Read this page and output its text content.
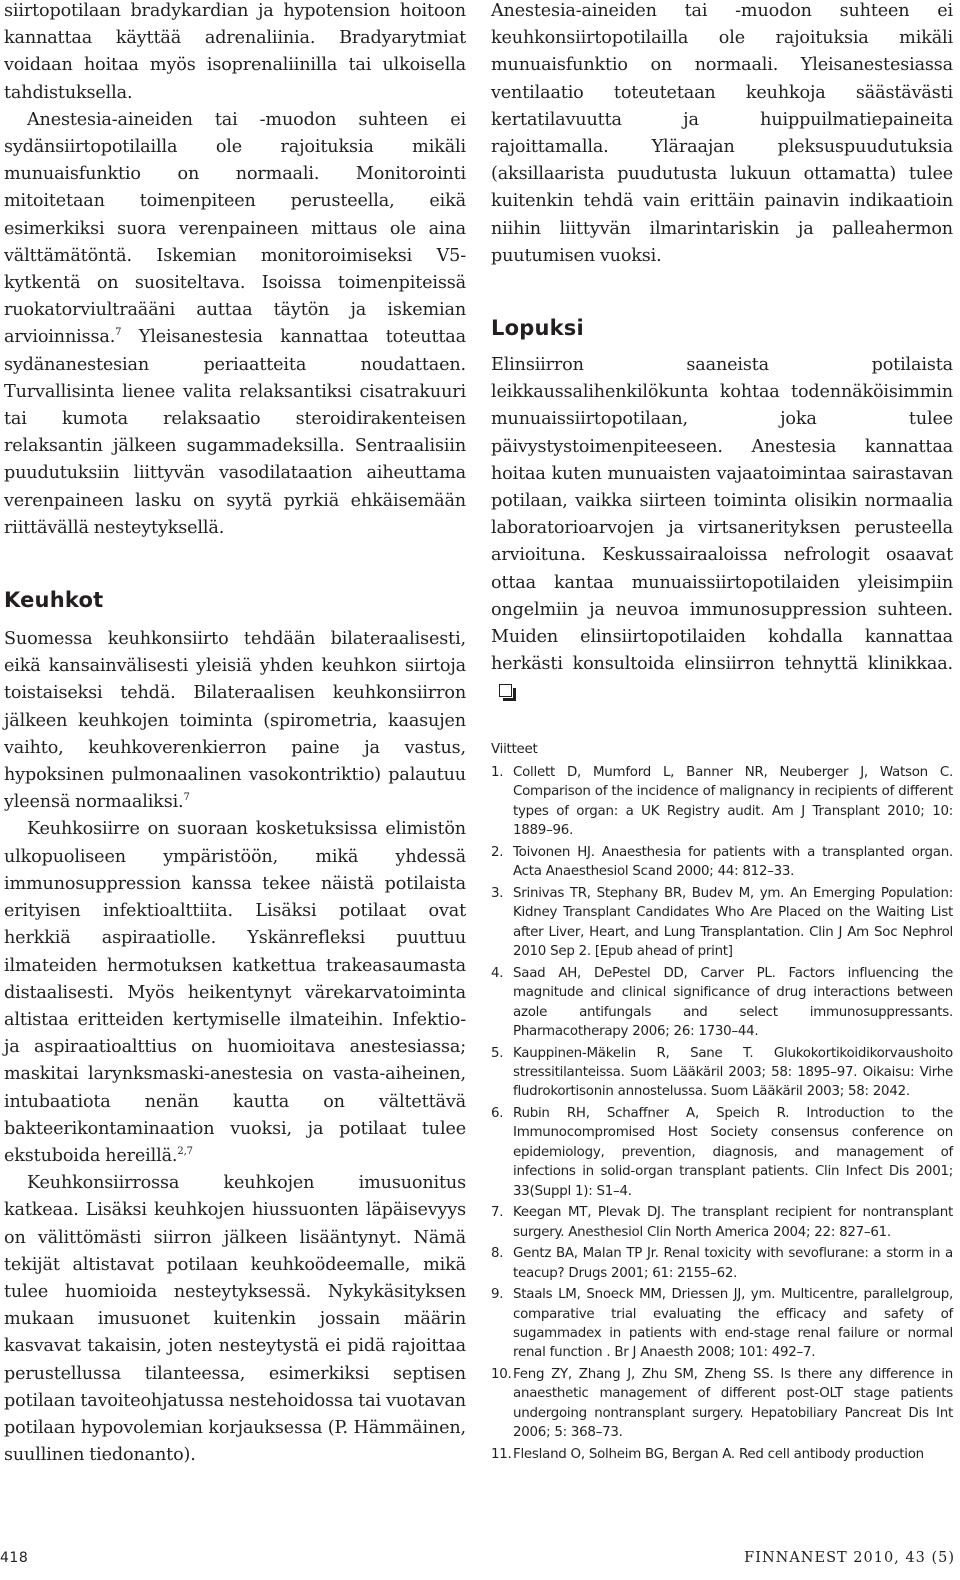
siirtopotilaan bradykardian ja hypotension hoitoon kannattaa käyttää adrenaliinia. Bradyarytmiat voidaan hoitaa myös isoprenaliinilla tai ulkoisella tahdistuksella.

Anestesia-aineiden tai -muodon suhteen ei sydänsiirtopotilailla ole rajoituksia mikäli munuaisfunktio on normaali. Monitorointi mitoitetaan toimenpiteen perusteella, eikä esimerkiksi suora verenpaineen mittaus ole aina välttämätöntä. Iskemian monitoroimiseksi V5-kytkentä on suositeltava. Isoissa toimenpiteissä ruokatorviultraääni auttaa täytön ja iskemian arvioinnissa.$^7$ Yleisanestesia kannattaa toteuttaa sydänanestesian periaatteita noudattaen. Turvallisinta lienee valita relaksantiksi cisatrakuuri tai kumota relaksaatio steroidirakenteisen relaksantin jälkeen sugammadeksilla. Sentraalisiin puudutuksiin liittyvän vasodilataation aiheuttama verenpaineen lasku on syytä pyrkiä ehkäisemään riittävällä nesteytyksellä.

Keuhkot

Suomessa keuhkonsiirto tehdään bilateraalisesti, eikä kansainvälisesti yleisiä yhden keuhkon siirtoja toistaiseksi tehdä. Bilateraalisen keuhkonsiirron jälkeen keuhkojen toiminta (spirometria, kaasujen vaihto, keuhkoverenkierron paine ja vastus, hypoksinen pulmonaalinen vasokontriktio) palautuu yleensä normaaliksi.$^7$

Keuhkosiirre on suoraan kosketuksissa elimistön ulkopuoliseen ympäristöön, mikä yhdessä immunosuppression kanssa tekee näistä potilaista erityisen infektioalttiita. Lisäksi potilaat ovat herkkiä aspiraatiolle. Yskänrefleksi puuttuu ilmateiden hermotuksen katkettua trakeasaumasta distaalisesti. Myös heikentynyt värekarvatoiminta altistaa eritteiden kertymiselle ilmateihin. Infektio- ja aspiraatioalttius on huomioitava anestesiassa; maskitai larynksmaski-anestesia on vasta-aiheinen, intubaatiota nenän kautta on vältettävä bakteerikontaminaation vuoksi, ja potilaat tulee ekstuboida hereillä.$^{2,7}$

Keuhkonsiirrossa keuhkojen imusuonitus katkeaa. Lisäksi keuhkojen hiussuonten läpäisevyys on välittömästi siirron jälkeen lisääntynyt. Nämä tekijät altistavat potilaan keuhkoödeemalle, mikä tulee huomioida nesteytyksessä. Nykykäsityksen mukaan imusuonet kuitenkin jossain määrin kasvavat takaisin, joten nesteytystä ei pidä rajoittaa perustellussa tilanteessa, esimerkiksi septisen potilaan tavoiteohjatussa nestehoidossa tai vuotavan potilaan hypovolemian korjauksessa (P. Hämmäinen, suullinen tiedonanto).

Anestesia-aineiden tai -muodon suhteen ei keuhkonsiirtopotilailla ole rajoituksia mikäli munuaisfunktio on normaali. Yleisanestesiassa ventilaatio toteutetaan keuhkoja säästävästi kertatilavuutta ja huippuilmatiepaineita rajoittamalla. Yläraajan pleksuspuudutuksia (aksillaarista puudutusta lukuun ottamatta) tulee kuitenkin tehdä vain erittäin painavin indikaatioin niihin liittyvän ilmarintariskin ja palleahermon puutumisen vuoksi.

Lopuksi

Elinsiirron saaneista potilaista leikkaussalihenkilökunta kohtaa todennäköisimmin munuaissiirtopotilaan, joka tulee päivystystoimenpiteeseen. Anestesia kannattaa hoitaa kuten munuaisten vajaatoimintaa sairastavan potilaan, vaikka siirteen toiminta olisikin normaalia laboratorioarvojen ja virtsanerityksen perusteella arvioituna. Keskussairaaloissa nefrologit osaavat ottaa kantaa munuaissiirtopotilaiden yleisimpiin ongelmiin ja neuvoa immunosuppression suhteen. Muiden elinsiirtopotilaiden kohdalla kannattaa herkästi konsultoida elinsiirron tehnyttä klinikkaa.

Viitteet
1. Collett D, Mumford L, Banner NR, Neuberger J, Watson C. Comparison of the incidence of malignancy in recipients of different types of organ: a UK Registry audit. Am J Transplant 2010; 10: 1889–96.
2. Toivonen HJ. Anaesthesia for patients with a transplanted organ. Acta Anaesthesiol Scand 2000; 44: 812–33.
3. Srinivas TR, Stephany BR, Budev M, ym. An Emerging Population: Kidney Transplant Candidates Who Are Placed on the Waiting List after Liver, Heart, and Lung Transplantation. Clin J Am Soc Nephrol 2010 Sep 2. [Epub ahead of print]
4. Saad AH, DePestel DD, Carver PL. Factors influencing the magnitude and clinical significance of drug interactions between azole antifungals and select immunosuppressants. Pharmacotherapy 2006; 26: 1730–44.
5. Kauppinen-Mäkelin R, Sane T. Glukokortikoidikorvaushoito stressitilanteissa. Suom Lääkäril 2003; 58: 1895–97. Oikaisu: Virhe fludrokortisonin annostelussa. Suom Lääkäril 2003; 58: 2042.
6. Rubin RH, Schaffner A, Speich R. Introduction to the Immunocompromised Host Society consensus conference on epidemiology, prevention, diagnosis, and management of infections in solid-organ transplant patients. Clin Infect Dis 2001; 33(Suppl 1): S1–4.
7. Keegan MT, Plevak DJ. The transplant recipient for nontransplant surgery. Anesthesiol Clin North America 2004; 22: 827–61.
8. Gentz BA, Malan TP Jr. Renal toxicity with sevoflurane: a storm in a teacup? Drugs 2001; 61: 2155–62.
9. Staals LM, Snoeck MM, Driessen JJ, ym. Multicentre, parallelgroup, comparative trial evaluating the efficacy and safety of sugammadex in patients with end-stage renal failure or normal renal function . Br J Anaesth 2008; 101: 492–7.
10. Feng ZY, Zhang J, Zhu SM, Zheng SS. Is there any difference in anaesthetic management of different post-OLT stage patients undergoing nontransplant surgery. Hepatobiliary Pancreat Dis Int 2006; 5: 368–73.
11. Flesland O, Solheim BG, Bergan A. Red cell antibody production
418	FINNANEST 2010, 43 (5)
